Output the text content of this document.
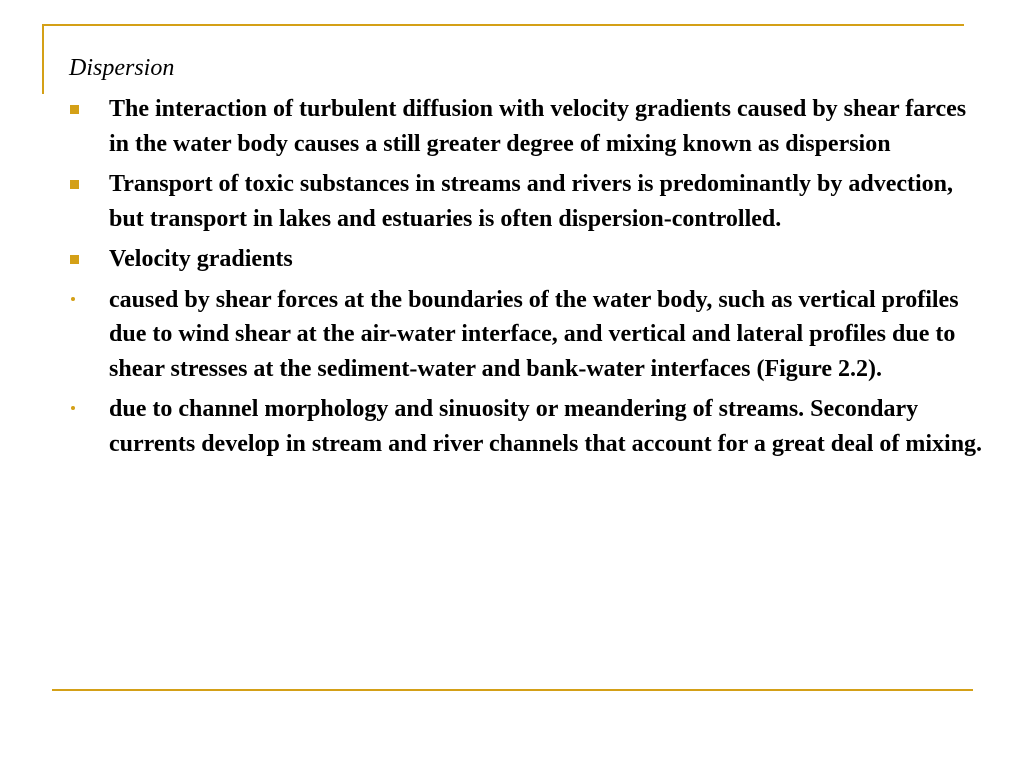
Dispersion
The interaction of turbulent diffusion with velocity gradients caused by shear farces in the water body causes a still greater degree of mixing known as dispersion
Transport of toxic substances in streams and rivers is predominantly by advection, but transport in lakes and estuaries is often dispersion-controlled.
Velocity gradients
caused by shear forces at the boundaries of the water body, such as vertical profiles due to wind shear at the air-water interface, and vertical and lateral profiles due to shear stresses at the sediment-water and bank-water interfaces (Figure 2.2).
due to channel morphology and sinuosity or meandering of streams. Secondary currents develop in stream and river channels that account for a great deal of mixing.
